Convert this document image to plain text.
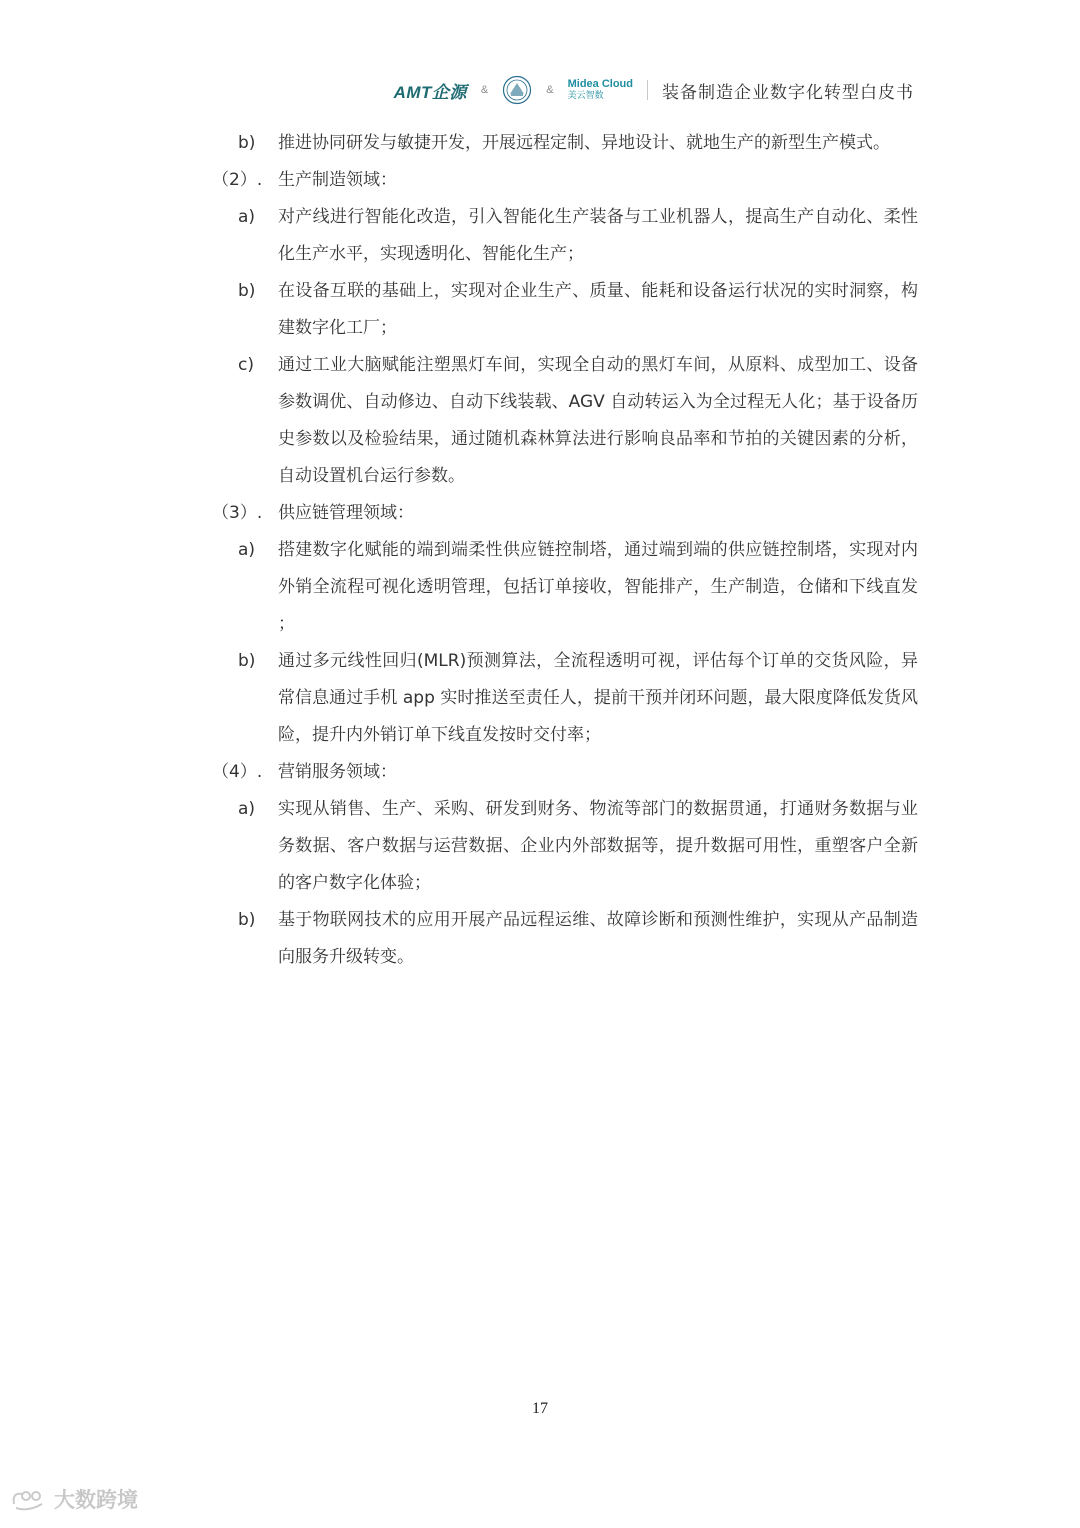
AMT企源 &	& Midea Cloud
美云智数	装备制造企业数字化转型白皮书
b) 推进协同研发与敏捷开发，开展远程定制、异地设计、就地生产的新型生产模式。
（2）. 生产制造领域：
a) 对产线进行智能化改造，引入智能化生产装备与工业机器人，提高生产自动化、柔性化生产水平，实现透明化、智能化生产；
b) 在设备互联的基础上，实现对企业生产、质量、能耗和设备运行状况的实时洞察，构建数字化工厂；
c) 通过工业大脑赋能注塑黑灯车间，实现全自动的黑灯车间，从原料、成型加工、设备参数调优、自动修边、自动下线装载、AGV 自动转运入为全过程无人化；基于设备历史参数以及检验结果，通过随机森林算法进行影响良品率和节拍的关键因素的分析，自动设置机台运行参数。
（3）. 供应链管理领域：
a) 搭建数字化赋能的端到端柔性供应链控制塔，通过端到端的供应链控制塔，实现对内外销全流程可视化透明管理，包括订单接收，智能排产，生产制造，仓储和下线直发 ；
b) 通过多元线性回归(MLR)预测算法，全流程透明可视，评估每个订单的交货风险，异常信息通过手机 app 实时推送至责任人，提前干预并闭环问题，最大限度降低发货风险，提升内外销订单下线直发按时交付率；
（4）. 营销服务领域：
a) 实现从销售、生产、采购、研发到财务、物流等部门的数据贯通，打通财务数据与业务数据、客户数据与运营数据、企业内外部数据等，提升数据可用性，重塑客户全新的客户数字化体验；
b) 基于物联网技术的应用开展产品远程运维、故障诊断和预测性维护，实现从产品制造向服务升级转变。
17
大数跨境
